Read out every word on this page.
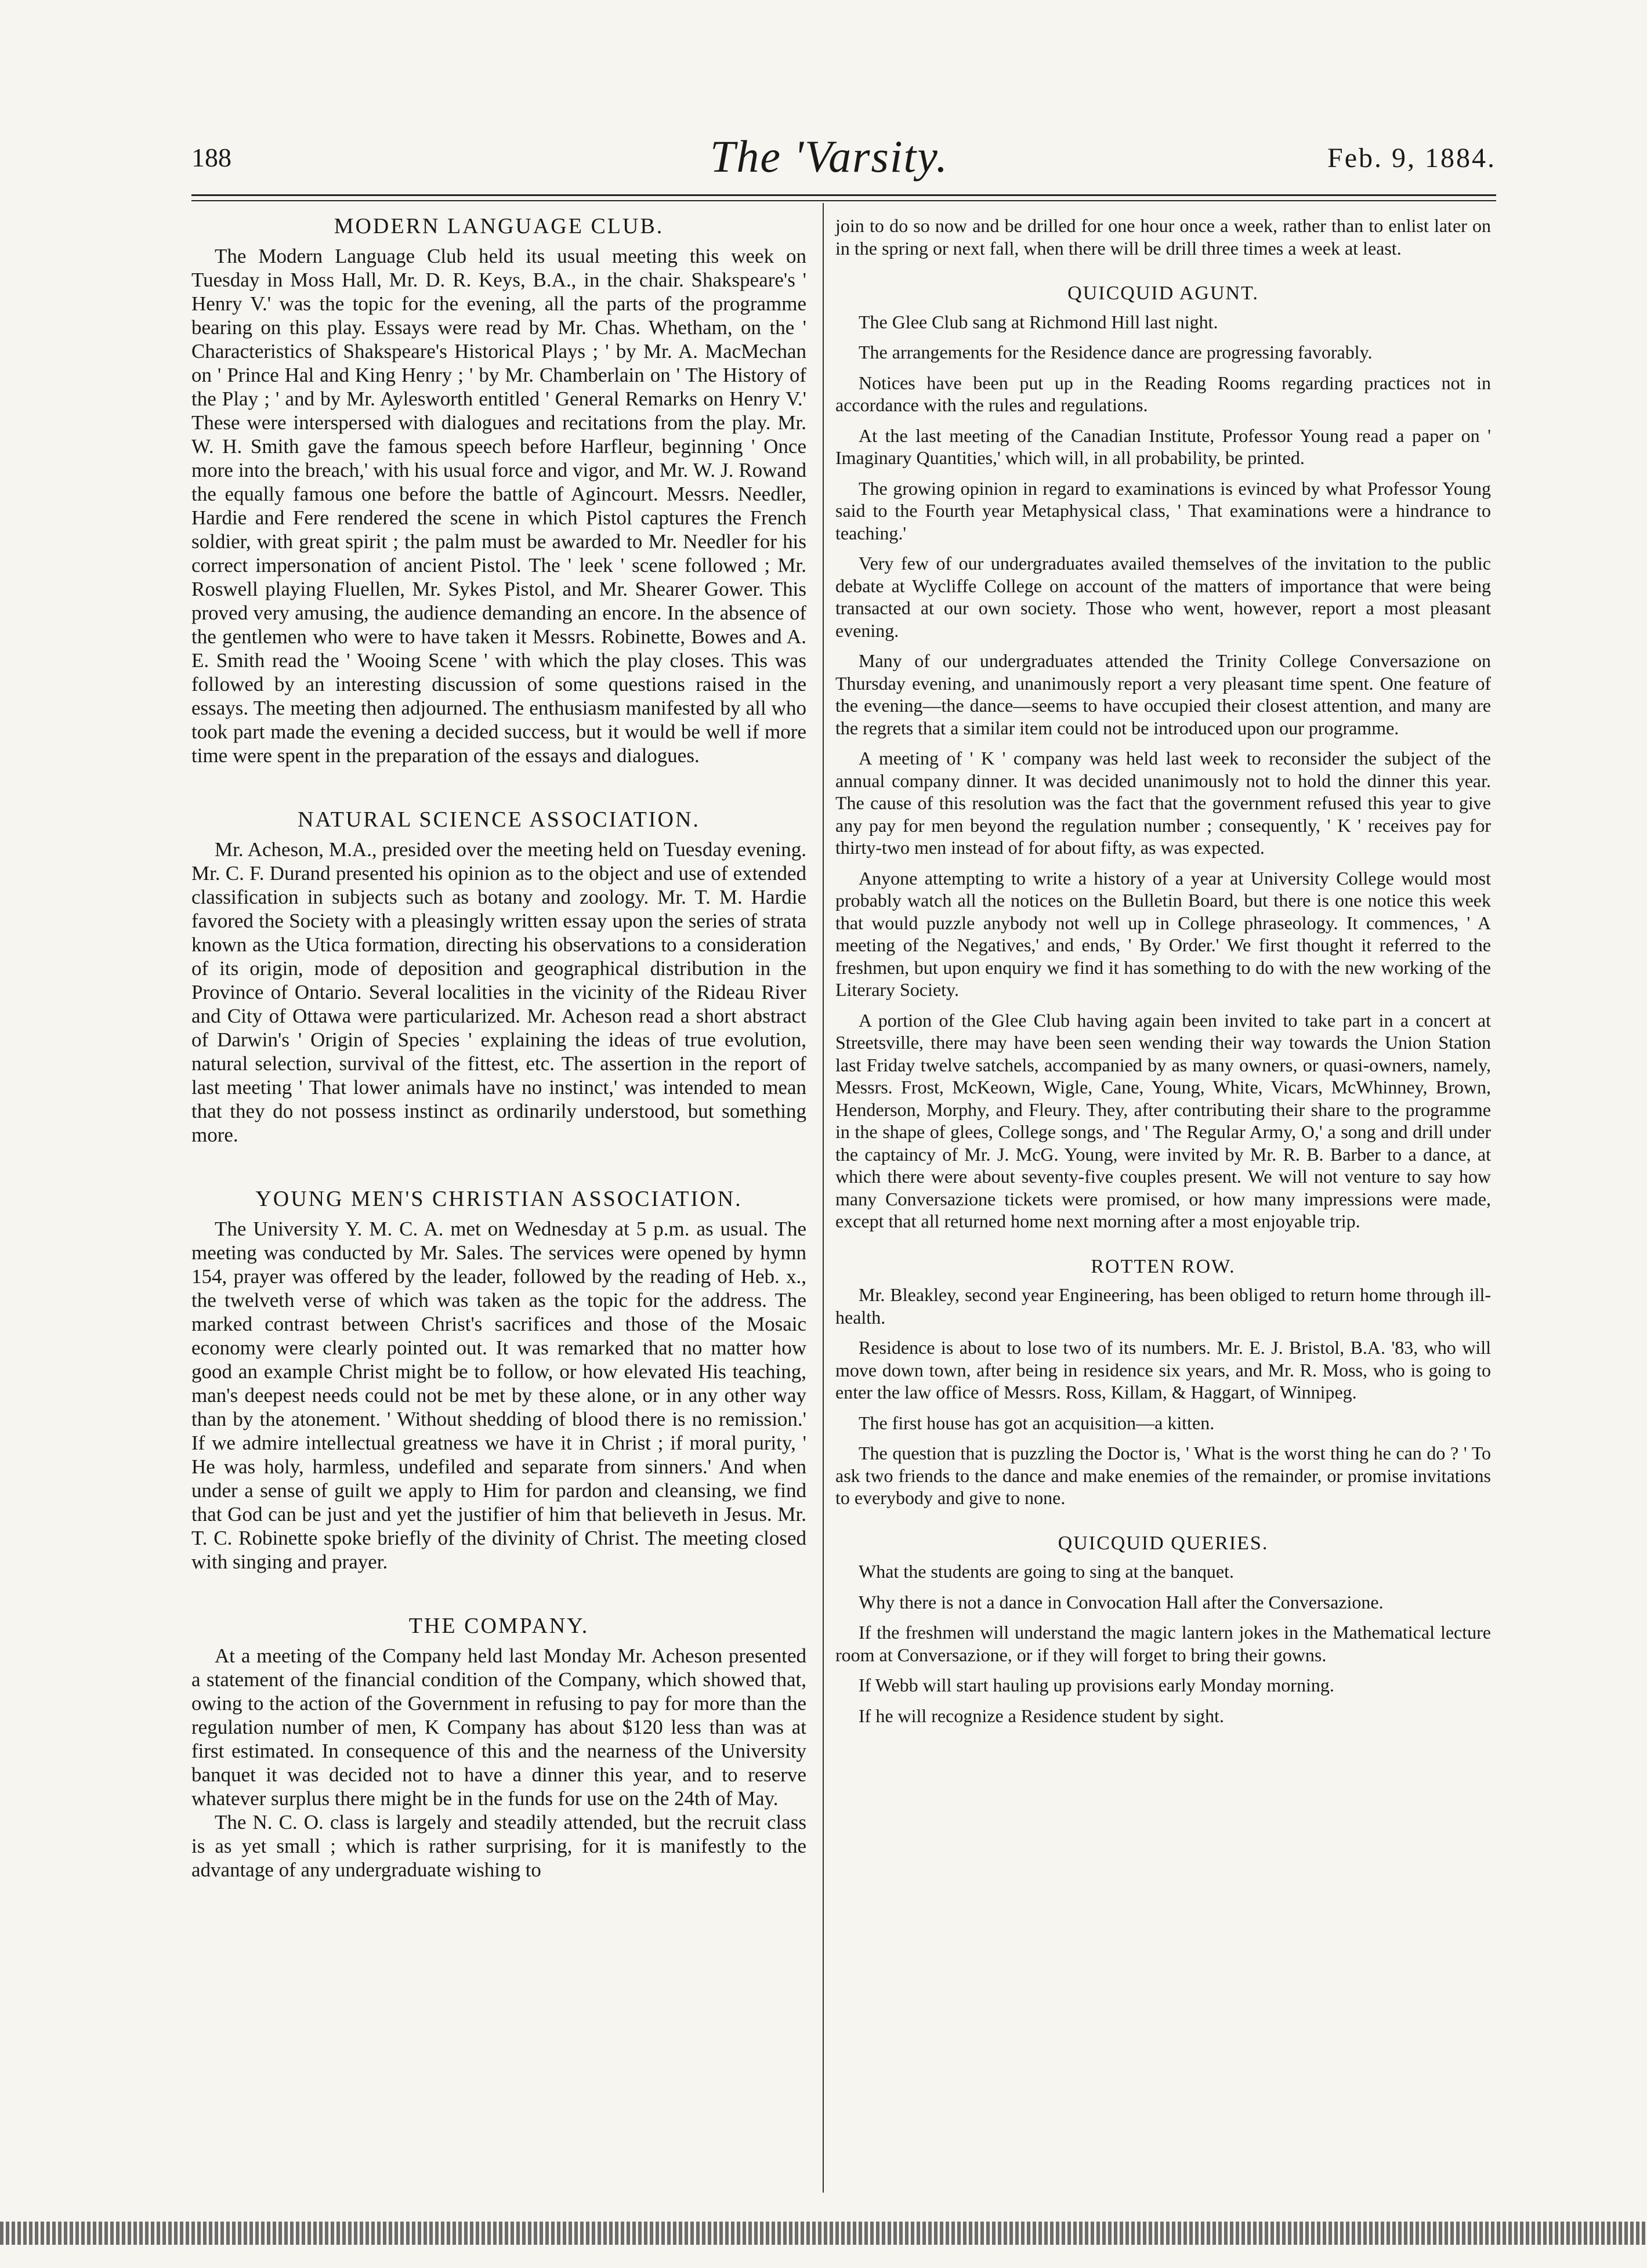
188	The 'Varsity.	Feb. 9, 1884.
MODERN LANGUAGE CLUB.

The Modern Language Club held its usual meeting this week on Tuesday in Moss Hall, Mr. D. R. Keys, B.A., in the chair. Shakspeare's ' Henry V.' was the topic for the evening, all the parts of the programme bearing on this play. Essays were read by Mr. Chas. Whetham, on the ' Characteristics of Shakspeare's Historical Plays ; ' by Mr. A. MacMechan on ' Prince Hal and King Henry ; ' by Mr. Chamberlain on ' The History of the Play ; ' and by Mr. Aylesworth entitled ' General Remarks on Henry V.' These were interspersed with dialogues and recitations from the play. Mr. W. H. Smith gave the famous speech before Harfleur, beginning ' Once more into the breach,' with his usual force and vigor, and Mr. W. J. Rowand the equally famous one before the battle of Agincourt. Messrs. Needler, Hardie and Fere rendered the scene in which Pistol captures the French soldier, with great spirit ; the palm must be awarded to Mr. Needler for his correct impersonation of ancient Pistol. The ' leek ' scene followed ; Mr. Roswell playing Fluellen, Mr. Sykes Pistol, and Mr. Shearer Gower. This proved very amusing, the audience demanding an encore. In the absence of the gentlemen who were to have taken it Messrs. Robinette, Bowes and A. E. Smith read the ' Wooing Scene ' with which the play closes. This was followed by an interesting discussion of some questions raised in the essays. The meeting then adjourned. The enthusiasm manifested by all who took part made the evening a decided success, but it would be well if more time were spent in the preparation of the essays and dialogues.

NATURAL SCIENCE ASSOCIATION.

Mr. Acheson, M.A., presided over the meeting held on Tuesday evening. Mr. C. F. Durand presented his opinion as to the object and use of extended classification in subjects such as botany and zoology. Mr. T. M. Hardie favored the Society with a pleasingly written essay upon the series of strata known as the Utica formation, directing his observations to a consideration of its origin, mode of deposition and geographical distribution in the Province of Ontario. Several localities in the vicinity of the Rideau River and City of Ottawa were particularized. Mr. Acheson read a short abstract of Darwin's ' Origin of Species ' explaining the ideas of true evolution, natural selection, survival of the fittest, etc. The assertion in the report of last meeting ' That lower animals have no instinct,' was intended to mean that they do not possess instinct as ordinarily understood, but something more.

YOUNG MEN'S CHRISTIAN ASSOCIATION.

The University Y. M. C. A. met on Wednesday at 5 p.m. as usual. The meeting was conducted by Mr. Sales. The services were opened by hymn 154, prayer was offered by the leader, followed by the reading of Heb. x., the twelveth verse of which was taken as the topic for the address. The marked contrast between Christ's sacrifices and those of the Mosaic economy were clearly pointed out. It was remarked that no matter how good an example Christ might be to follow, or how elevated His teaching, man's deepest needs could not be met by these alone, or in any other way than by the atonement. ' Without shedding of blood there is no remission.' If we admire intellectual greatness we have it in Christ ; if moral purity, ' He was holy, harmless, undefiled and separate from sinners.' And when under a sense of guilt we apply to Him for pardon and cleansing, we find that God can be just and yet the justifier of him that believeth in Jesus. Mr. T. C. Robinette spoke briefly of the divinity of Christ. The meeting closed with singing and prayer.

THE COMPANY.

At a meeting of the Company held last Monday Mr. Acheson presented a statement of the financial condition of the Company, which showed that, owing to the action of the Government in refusing to pay for more than the regulation number of men, K Company has about $120 less than was at first estimated. In consequence of this and the nearness of the University banquet it was decided not to have a dinner this year, and to reserve whatever surplus there might be in the funds for use on the 24th of May.

The N. C. O. class is largely and steadily attended, but the recruit class is as yet small ; which is rather surprising, for it is manifestly to the advantage of any undergraduate wishing to

join to do so now and be drilled for one hour once a week, rather than to enlist later on in the spring or next fall, when there will be drill three times a week at least.

QUICQUID AGUNT.

The Glee Club sang at Richmond Hill last night.

The arrangements for the Residence dance are progressing favorably.

Notices have been put up in the Reading Rooms regarding practices not in accordance with the rules and regulations.

At the last meeting of the Canadian Institute, Professor Young read a paper on ' Imaginary Quantities,' which will, in all probability, be printed.

The growing opinion in regard to examinations is evinced by what Professor Young said to the Fourth year Metaphysical class, ' That examinations were a hindrance to teaching.'

Very few of our undergraduates availed themselves of the invitation to the public debate at Wycliffe College on account of the matters of importance that were being transacted at our own society. Those who went, however, report a most pleasant evening.

Many of our undergraduates attended the Trinity College Conversazione on Thursday evening, and unanimously report a very pleasant time spent. One feature of the evening—the dance—seems to have occupied their closest attention, and many are the regrets that a similar item could not be introduced upon our programme.

A meeting of ' K ' company was held last week to reconsider the subject of the annual company dinner. It was decided unanimously not to hold the dinner this year. The cause of this resolution was the fact that the government refused this year to give any pay for men beyond the regulation number ; consequently, ' K ' receives pay for thirty-two men instead of for about fifty, as was expected.

Anyone attempting to write a history of a year at University College would most probably watch all the notices on the Bulletin Board, but there is one notice this week that would puzzle anybody not well up in College phraseology. It commences, ' A meeting of the Negatives,' and ends, ' By Order.' We first thought it referred to the freshmen, but upon enquiry we find it has something to do with the new working of the Literary Society.

A portion of the Glee Club having again been invited to take part in a concert at Streetsville, there may have been seen wending their way towards the Union Station last Friday twelve satchels, accompanied by as many owners, or quasi-owners, namely, Messrs. Frost, McKeown, Wigle, Cane, Young, White, Vicars, McWhinney, Brown, Henderson, Morphy, and Fleury. They, after contributing their share to the programme in the shape of glees, College songs, and ' The Regular Army, O,' a song and drill under the captaincy of Mr. J. McG. Young, were invited by Mr. R. B. Barber to a dance, at which there were about seventy-five couples present. We will not venture to say how many Conversazione tickets were promised, or how many impressions were made, except that all returned home next morning after a most enjoyable trip.

ROTTEN ROW.

Mr. Bleakley, second year Engineering, has been obliged to return home through ill-health.

Residence is about to lose two of its numbers. Mr. E. J. Bristol, B.A. '83, who will move down town, after being in residence six years, and Mr. R. Moss, who is going to enter the law office of Messrs. Ross, Killam, & Haggart, of Winnipeg.

The first house has got an acquisition—a kitten.

The question that is puzzling the Doctor is, ' What is the worst thing he can do ? ' To ask two friends to the dance and make enemies of the remainder, or promise invitations to everybody and give to none.

QUICQUID QUERIES.

What the students are going to sing at the banquet.

Why there is not a dance in Convocation Hall after the Conversazione.

If the freshmen will understand the magic lantern jokes in the Mathematical lecture room at Conversazione, or if they will forget to bring their gowns.

If Webb will start hauling up provisions early Monday morning.

If he will recognize a Residence student by sight.
